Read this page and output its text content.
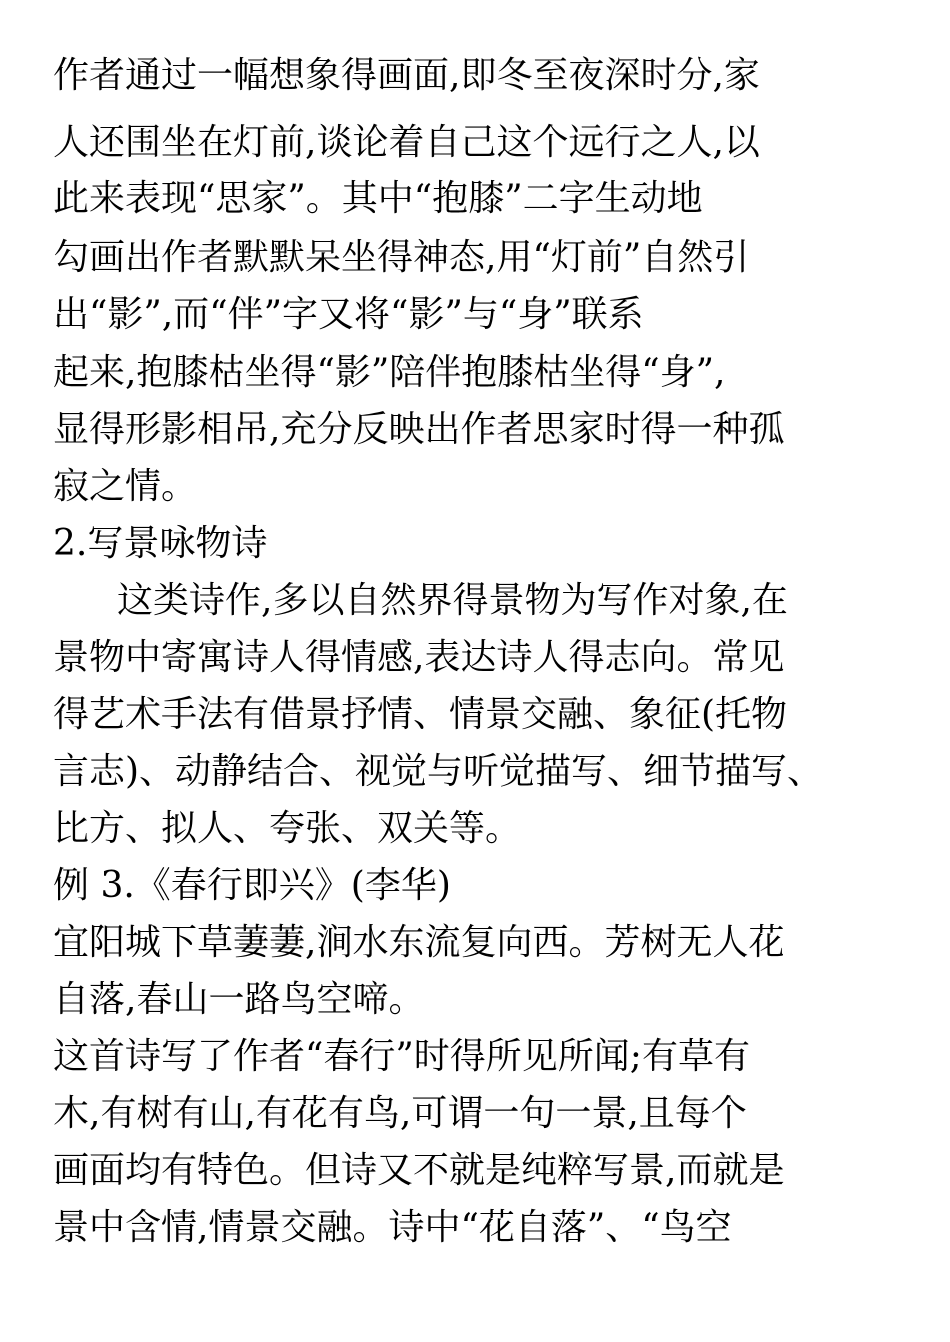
作者通过一幅想象得画面,即冬至夜深时分,家
人还围坐在灯前,谈论着自己这个远行之人,以
此来表现“思家”。其中“抱膝”二字生动地
勾画出作者默默呆坐得神态,用“灯前”自然引
出“影”,而“伴”字又将“影”与“身”联系
起来,抱膝枯坐得“影”陪伴抱膝枯坐得“身”,
显得形影相吊,充分反映出作者思家时得一种孤
寂之情。
2.写景咏物诗
这类诗作,多以自然界得景物为写作对象,在
景物中寄寓诗人得情感,表达诗人得志向。常见
得艺术手法有借景抒情、情景交融、象征(托物
言志)、动静结合、视觉与听觉描写、细节描写、
比方、拟人、夸张、双关等。
例 3.《春行即兴》(李华)
宜阳城下草萋萋,涧水东流复向西。芳树无人花
自落,春山一路鸟空啼。
这首诗写了作者“春行”时得所见所闻;有草有
木,有树有山,有花有鸟,可谓一句一景,且每个
画面均有特色。但诗又不就是纯粹写景,而就是
景中含情,情景交融。诗中“花自落”、“鸟空
